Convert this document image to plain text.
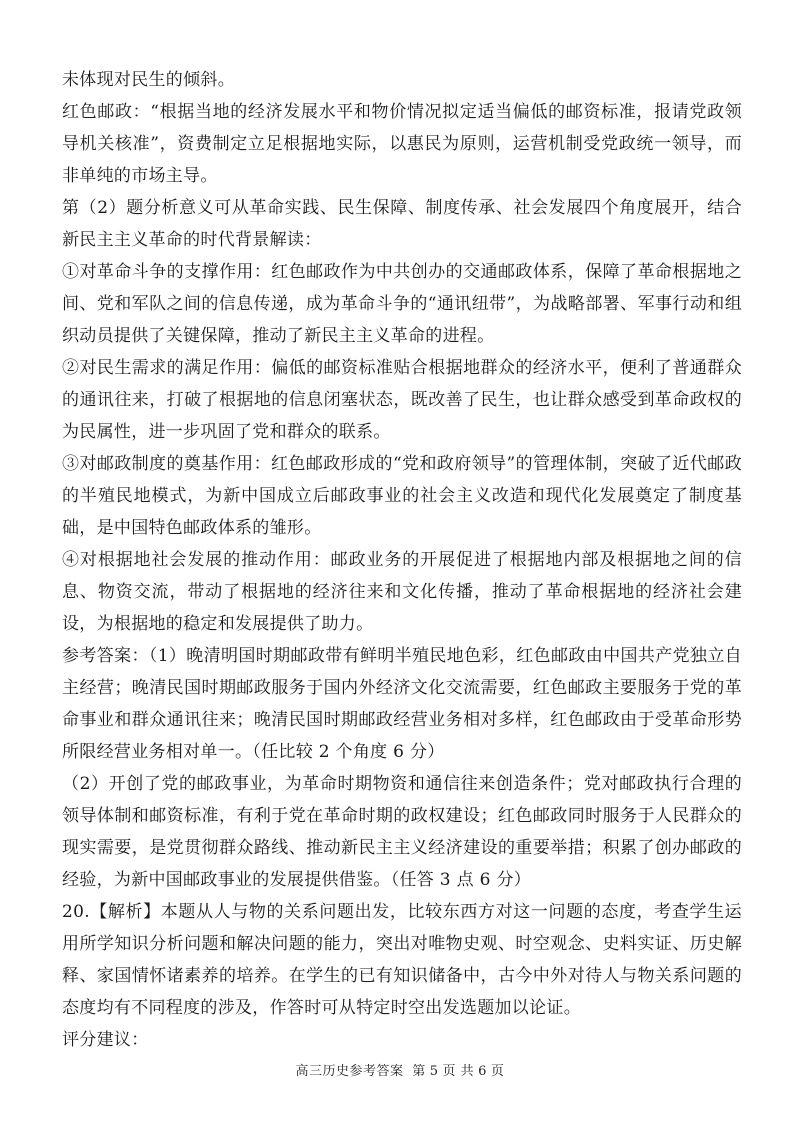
未体现对民生的倾斜。

红色邮政：“根据当地的经济发展水平和物价情况拟定适当偏低的邮资标准，报请党政领导机关核准”，资费制定立足根据地实际，以惠民为原则，运营机制受党政统一领导，而非单纯的市场主导。

第（2）题分析意义可从革命实践、民生保障、制度传承、社会发展四个角度展开，结合新民主主义革命的时代背景解读：

①对革命斗争的支撑作用：红色邮政作为中共创办的交通邮政体系，保障了革命根据地之间、党和军队之间的信息传递，成为革命斗争的“通讯纽带”，为战略部署、军事行动和组织动员提供了关键保障，推动了新民主主义革命的进程。

②对民生需求的满足作用：偏低的邮资标准贴合根据地群众的经济水平，便利了普通群众的通讯往来，打破了根据地的信息闭塞状态，既改善了民生，也让群众感受到革命政权的为民属性，进一步巩固了党和群众的联系。

③对邮政制度的奠基作用：红色邮政形成的“党和政府领导”的管理体制，突破了近代邮政的半殖民地模式，为新中国成立后邮政事业的社会主义改造和现代化发展奠定了制度基础，是中国特色邮政体系的雏形。

④对根据地社会发展的推动作用：邮政业务的开展促进了根据地内部及根据地之间的信息、物资交流，带动了根据地的经济往来和文化传播，推动了革命根据地的经济社会建设，为根据地的稳定和发展提供了助力。

参考答案：（1）晚清明国时期邮政带有鲜明半殖民地色彩，红色邮政由中国共产党独立自主经营；晚清民国时期邮政服务于国内外经济文化交流需要，红色邮政主要服务于党的革命事业和群众通讯往来；晚清民国时期邮政经营业务相对多样，红色邮政由于受革命形势所限经营业务相对单一。（任比较 2 个角度 6 分）

（2）开创了党的邮政事业，为革命时期物资和通信往来创造条件；党对邮政执行合理的领导体制和邮资标准，有利于党在革命时期的政权建设；红色邮政同时服务于人民群众的现实需要，是党贯彻群众路线、推动新民主主义经济建设的重要举措；积累了创办邮政的经验，为新中国邮政事业的发展提供借鉴。（任答 3 点 6 分）

20.【解析】本题从人与物的关系问题出发，比较东西方对这一问题的态度，考查学生运用所学知识分析问题和解决问题的能力，突出对唯物史观、时空观念、史料实证、历史解释、家国情怀诸素养的培养。在学生的已有知识储备中，古今中外对待人与物关系问题的态度均有不同程度的涉及，作答时可从特定时空出发选题加以论证。

评分建议：

高三历史参考答案 第 5 页 共 6 页
